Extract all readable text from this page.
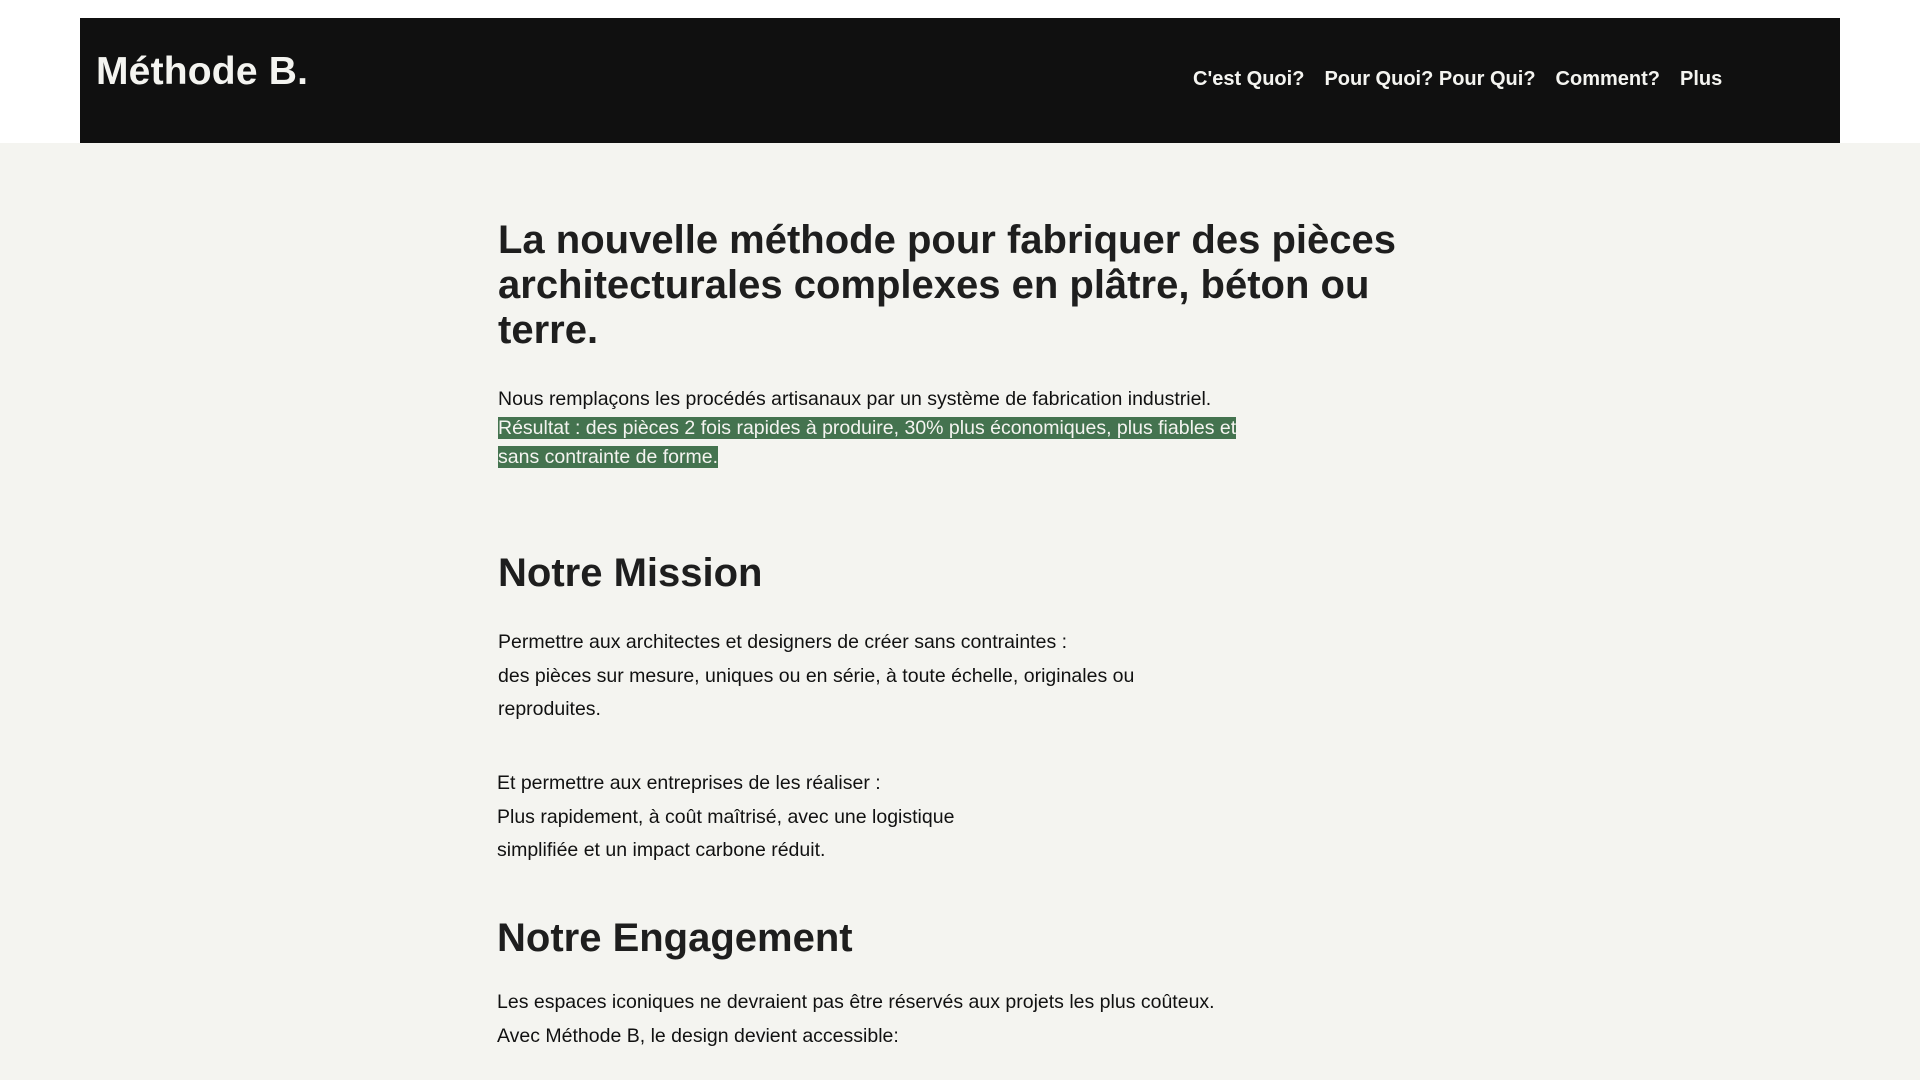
Méthode B.	C'est Quoi? Pour Quoi? Pour Qui? Comment? Plus
La nouvelle méthode pour fabriquer des pièces architecturales complexes en plâtre, béton ou terre.

Nous remplaçons les procédés artisanaux par un système de fabrication industriel.
Résultat : des pièces 2 fois rapides à produire, 30% plus économiques, plus fiables et sans contrainte de forme.

Notre Mission

Permettre aux architectes et designers de créer sans contraintes :
des pièces sur mesure, uniques ou en série, à toute échelle, originales ou
reproduites.

Et permettre aux entreprises de les réaliser :
Plus rapidement, à coût maîtrisé, avec une logistique
simplifiée et un impact carbone réduit.

Notre Engagement

Les espaces iconiques ne devraient pas être réservés aux projets les plus coûteux.
Avec Méthode B, le design devient accessible:
